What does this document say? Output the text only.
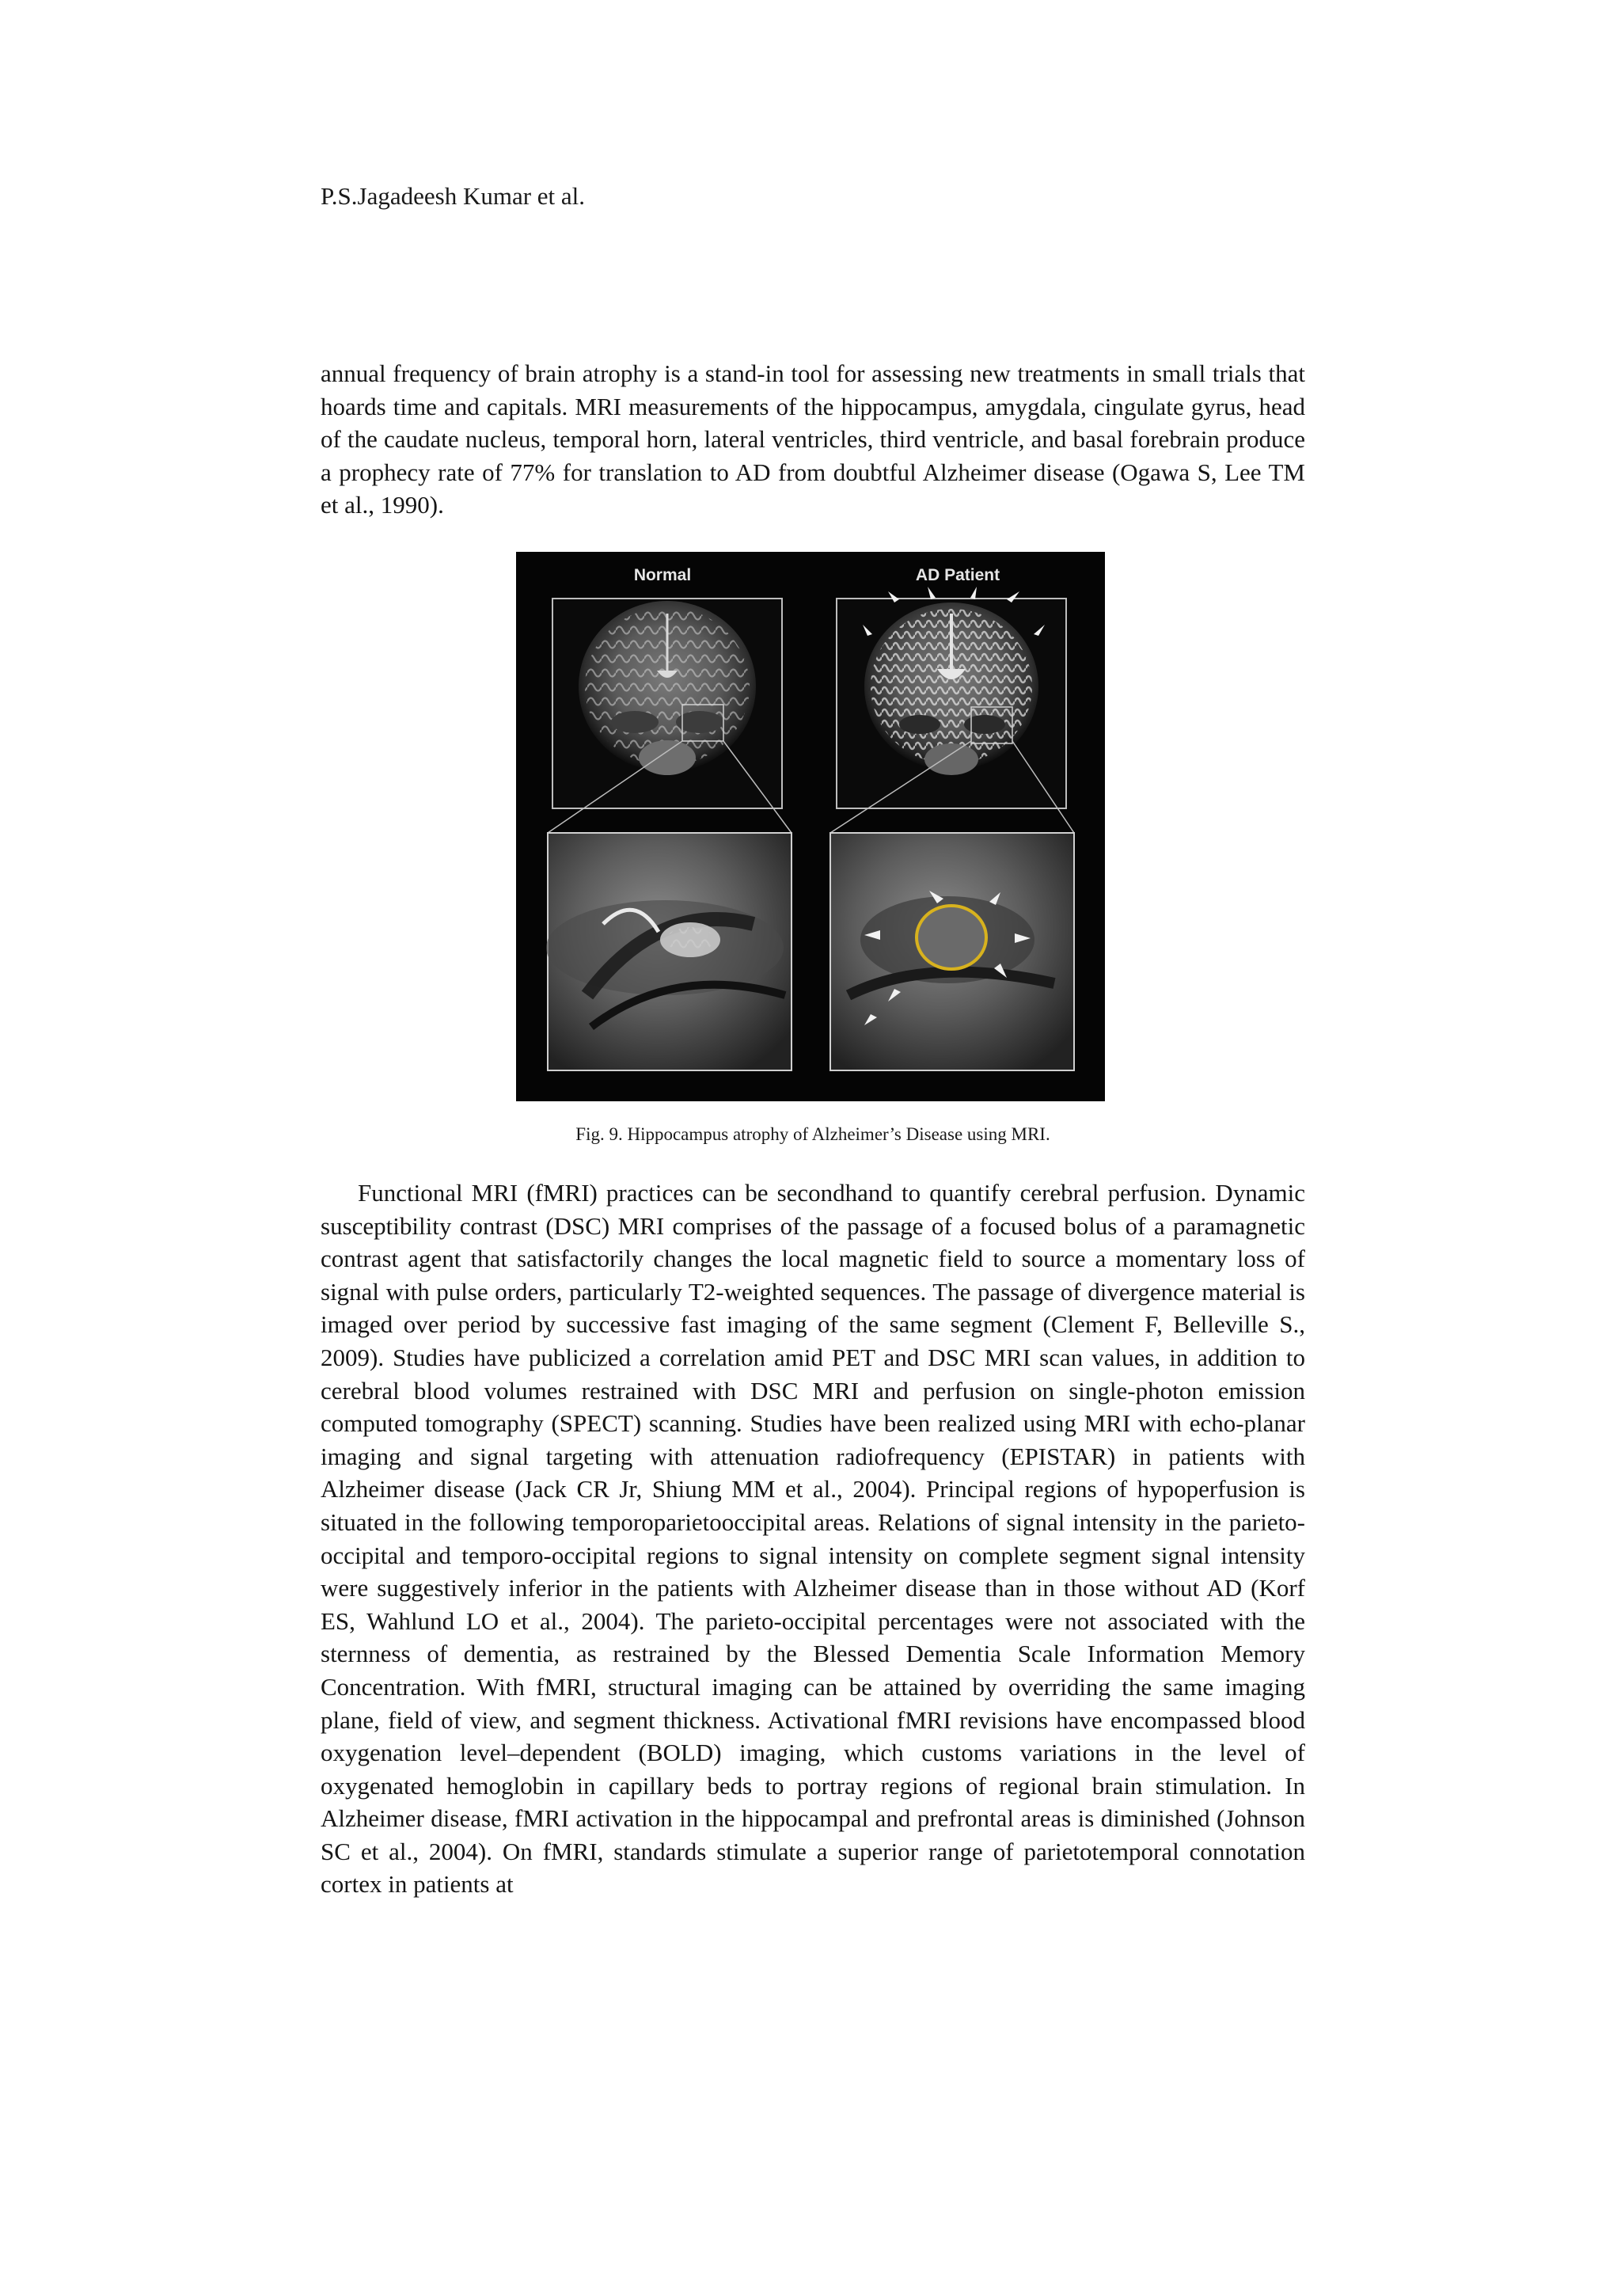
P.S.Jagadeesh Kumar et al.

annual frequency of brain atrophy is a stand-in tool for assessing new treatments in small trials that hoards time and capitals. MRI measurements of the hippocampus, amygdala, cingulate gyrus, head of the caudate nucleus, temporal horn, lateral ventricles, third ventricle, and basal forebrain produce a prophecy rate of 77% for translation to AD from doubtful Alzheimer disease (Ogawa S, Lee TM et al., 1990).

Normal	AD Patient
Fig. 9. Hippocampus atrophy of Alzheimer’s Disease using MRI.

Functional MRI (fMRI) practices can be secondhand to quantify cerebral perfusion. Dynamic susceptibility contrast (DSC) MRI comprises of the passage of a focused bolus of a paramagnetic contrast agent that satisfactorily changes the local magnetic field to source a momentary loss of signal with pulse orders, particularly T2-weighted sequences. The passage of divergence material is imaged over period by successive fast imaging of the same segment (Clement F, Belleville S., 2009). Studies have publicized a correlation amid PET and DSC MRI scan values, in addition to cerebral blood volumes restrained with DSC MRI and perfusion on single-photon emission computed tomography (SPECT) scanning. Studies have been realized using MRI with echo-planar imaging and signal targeting with attenuation radiofrequency (EPISTAR) in patients with Alzheimer disease (Jack CR Jr, Shiung MM et al., 2004). Principal regions of hypoperfusion is situated in the following temporoparietooccipital areas. Relations of signal intensity in the parieto-occipital and temporo-occipital regions to signal intensity on complete segment signal intensity were suggestively inferior in the patients with Alzheimer disease than in those without AD (Korf ES, Wahlund LO et al., 2004). The parieto-occipital percentages were not associated with the sternness of dementia, as restrained by the Blessed Dementia Scale Information Memory Concentration. With fMRI, structural imaging can be attained by overriding the same imaging plane, field of view, and segment thickness. Activational fMRI revisions have encompassed blood oxygenation level–dependent (BOLD) imaging, which customs variations in the level of oxygenated hemoglobin in capillary beds to portray regions of regional brain stimulation. In Alzheimer disease, fMRI activation in the hippocampal and prefrontal areas is diminished (Johnson SC et al., 2004). On fMRI, standards stimulate a superior range of parietotemporal connotation cortex in patients at
